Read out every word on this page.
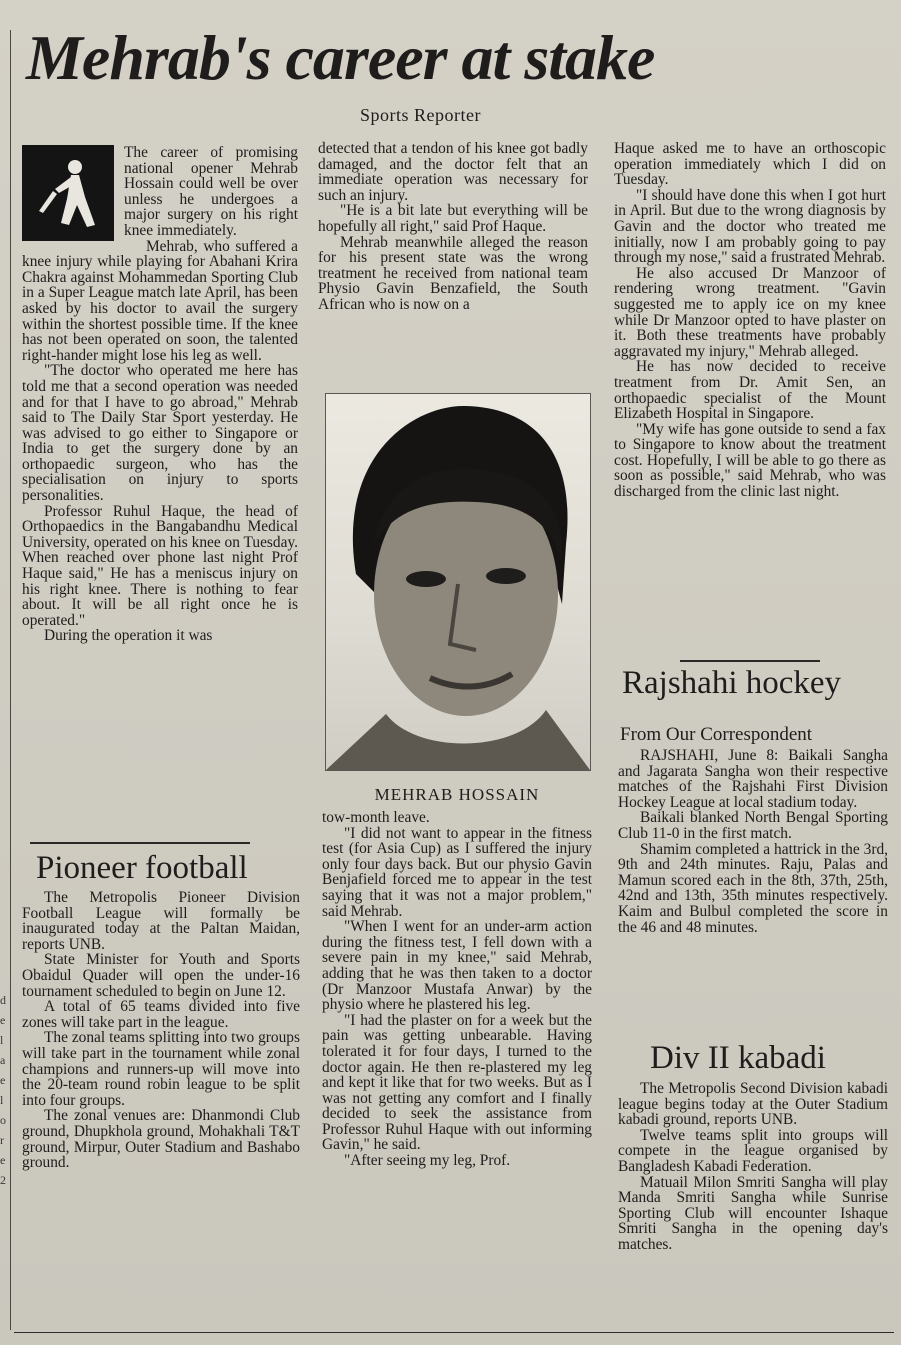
d
e
l
a
e
l
o
r
e
2
Mehrab's career at stake
Sports Reporter

The career of promising national opener Mehrab Hossain could well be over unless he undergoes a major surgery on his right knee immediately.

Mehrab, who suffered a knee injury while playing for Abahani Krira Chakra against Mohammedan Sporting Club in a Super League match late April, has been asked by his doctor to avail the surgery within the shortest possible time. If the knee has not been operated on soon, the talented right-hander might lose his leg as well.

"The doctor who operated me here has told me that a second operation was needed and for that I have to go abroad," Mehrab said to The Daily Star Sport yesterday. He was advised to go either to Singapore or India to get the surgery done by an orthopaedic surgeon, who has the specialisation on injury to sports personalities.

Professor Ruhul Haque, the head of Orthopaedics in the Bangabandhu Medical University, operated on his knee on Tuesday. When reached over phone last night Prof Haque said," He has a meniscus injury on his right knee. There is nothing to fear about. It will be all right once he is operated."

During the operation it was

detected that a tendon of his knee got badly damaged, and the doctor felt that an immediate operation was necessary for such an injury.

"He is a bit late but everything will be hopefully all right," said Prof Haque.

Mehrab meanwhile alleged the reason for his present state was the wrong treatment he received from national team Physio Gavin Benzafield, the South African who is now on a

MEHRAB HOSSAIN

tow-month leave.

"I did not want to appear in the fitness test (for Asia Cup) as I suffered the injury only four days back. But our physio Gavin Benjafield forced me to appear in the test saying that it was not a major problem," said Mehrab.

"When I went for an under-arm action during the fitness test, I fell down with a severe pain in my knee," said Mehrab, adding that he was then taken to a doctor (Dr Manzoor Mustafa Anwar) by the physio where he plastered his leg.

"I had the plaster on for a week but the pain was getting unbearable. Having tolerated it for four days, I turned to the doctor again. He then re-plastered my leg and kept it like that for two weeks. But as I was not getting any comfort and I finally decided to seek the assistance from Professor Ruhul Haque with out informing Gavin," he said.

"After seeing my leg, Prof.

Haque asked me to have an orthoscopic operation immediately which I did on Tuesday.

"I should have done this when I got hurt in April. But due to the wrong diagnosis by Gavin and the doctor who treated me initially, now I am probably going to pay through my nose," said a frustrated Mehrab.

He also accused Dr Manzoor of rendering wrong treatment. "Gavin suggested me to apply ice on my knee while Dr Manzoor opted to have plaster on it. Both these treatments have probably aggravated my injury," Mehrab alleged.

He has now decided to receive treatment from Dr. Amit Sen, an orthopaedic specialist of the Mount Elizabeth Hospital in Singapore.

"My wife has gone outside to send a fax to Singapore to know about the treatment cost. Hopefully, I will be able to go there as soon as possible," said Mehrab, who was discharged from the clinic last night.

Pioneer football

The Metropolis Pioneer Division Football League will formally be inaugurated today at the Paltan Maidan, reports UNB.

State Minister for Youth and Sports Obaidul Quader will open the under-16 tournament scheduled to begin on June 12.

A total of 65 teams divided into five zones will take part in the league.

The zonal teams splitting into two groups will take part in the tournament while zonal champions and runners-up will move into the 20-team round robin league to be split into four groups.

The zonal venues are: Dhanmondi Club ground, Dhupkhola ground, Mohakhali T&T ground, Mirpur, Outer Stadium and Bashabo ground.

Rajshahi hockey
From Our Correspondent

RAJSHAHI, June 8: Baikali Sangha and Jagarata Sangha won their respective matches of the Rajshahi First Division Hockey League at local stadium today.

Baikali blanked North Bengal Sporting Club 11-0 in the first match.

Shamim completed a hattrick in the 3rd, 9th and 24th minutes. Raju, Palas and Mamun scored each in the 8th, 37th, 25th, 42nd and 13th, 35th minutes respectively. Kaim and Bulbul completed the score in the 46 and 48 minutes.

Div II kabadi

The Metropolis Second Division kabadi league begins today at the Outer Stadium kabadi ground, reports UNB.

Twelve teams split into groups will compete in the league organised by Bangladesh Kabadi Federation.

Matuail Milon Smriti Sangha will play Manda Smriti Sangha while Sunrise Sporting Club will encounter Ishaque Smriti Sangha in the opening day's matches.
